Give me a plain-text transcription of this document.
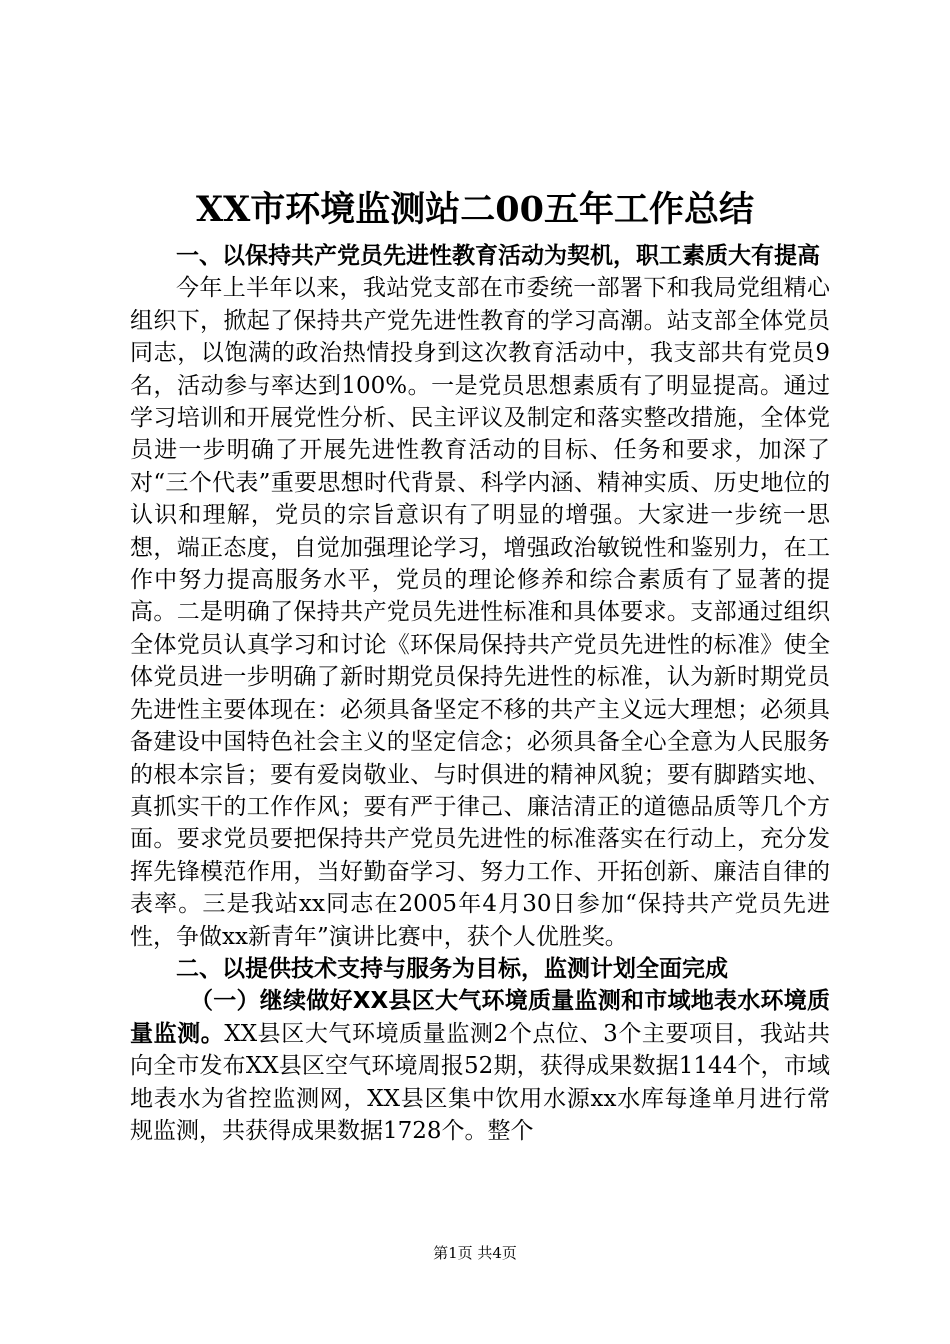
XX市环境监测站二00五年工作总结

一、以保持共产党员先进性教育活动为契机，职工素质大有提高

今年上半年以来，我站党支部在市委统一部署下和我局党组精心组织下，掀起了保持共产党先进性教育的学习高潮。站支部全体党员同志，以饱满的政治热情投身到这次教育活动中，我支部共有党员9名，活动参与率达到100%。一是党员思想素质有了明显提高。通过学习培训和开展党性分析、民主评议及制定和落实整改措施，全体党员进一步明确了开展先进性教育活动的目标、任务和要求，加深了对“三个代表”重要思想时代背景、科学内涵、精神实质、历史地位的认识和理解，党员的宗旨意识有了明显的增强。大家进一步统一思想，端正态度，自觉加强理论学习，增强政治敏锐性和鉴别力，在工作中努力提高服务水平，党员的理论修养和综合素质有了显著的提高。二是明确了保持共产党员先进性标准和具体要求。支部通过组织全体党员认真学习和讨论《环保局保持共产党员先进性的标准》使全体党员进一步明确了新时期党员保持先进性的标准，认为新时期党员先进性主要体现在：必须具备坚定不移的共产主义远大理想；必须具备建设中国特色社会主义的坚定信念；必须具备全心全意为人民服务的根本宗旨；要有爱岗敬业、与时俱进的精神风貌；要有脚踏实地、真抓实干的工作作风；要有严于律己、廉洁清正的道德品质等几个方面。要求党员要把保持共产党员先进性的标准落实在行动上，充分发挥先锋模范作用，当好勤奋学习、努力工作、开拓创新、廉洁自律的表率。三是我站xx同志在2005年4月30日参加“保持共产党员先进性，争做xx新青年”演讲比赛中，获个人优胜奖。

二、以提供技术支持与服务为目标，监测计划全面完成

（一）继续做好XX县区大气环境质量监测和市域地表水环境质量监测。XX县区大气环境质量监测2个点位、3个主要项目，我站共向全市发布XX县区空气环境周报52期，获得成果数据1144个，市域地表水为省控监测网，XX县区集中饮用水源xx水库每逢单月进行常规监测，共获得成果数据1728个。整个

第1页 共4页
